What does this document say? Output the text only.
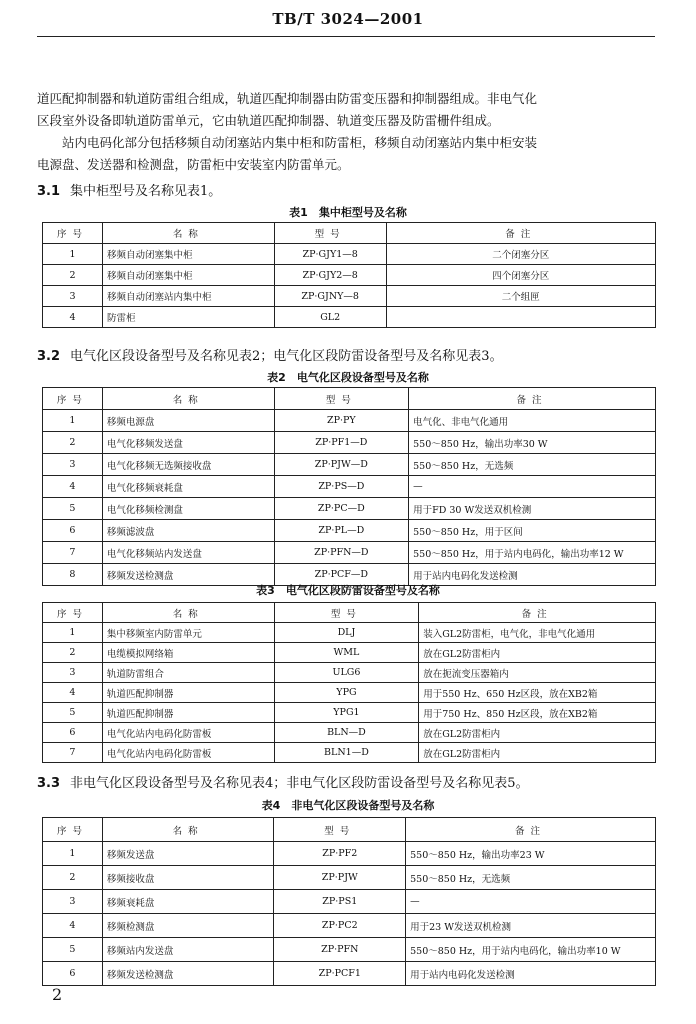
TB/T 3024—2001
道匹配抑制器和轨道防雷组合组成，轨道匹配抑制器由防雷变压器和抑制器组成。非电气化
区段室外设备即轨道防雷单元，它由轨道匹配抑制器、轨道变压器及防雷栅件组成。
站内电码化部分包括移频自动闭塞站内集中柜和防雷柜，移频自动闭塞站内集中柜安装
电源盘、发送器和检测盘，防雷柜中安装室内防雷单元。
3.1 集中柜型号及名称见表1。
表1　集中柜型号及名称
序号	名称	型号	备注
1	移频自动闭塞集中柜	ZP·GJY1—8	二个闭塞分区
2	移频自动闭塞集中柜	ZP·GJY2—8	四个闭塞分区
3	移频自动闭塞站内集中柜	ZP·GJNY—8	二个组匣
4	防雷柜	GL2	
3.2 电气化区段设备型号及名称见表2；电气化区段防雷设备型号及名称见表3。
表2　电气化区段设备型号及名称
序号	名称	型号	备注
1	移频电源盘	ZP·PY	电气化、非电气化通用
2	电气化移频发送盘	ZP·PF1—D	550～850 Hz，输出功率30 W
3	电气化移频无选频接收盘	ZP·PJW—D	550～850 Hz，无选频
4	电气化移频衰耗盘	ZP·PS—D	—
5	电气化移频检测盘	ZP·PC—D	用于FD 30 W发送双机检测
6	移频滤波盘	ZP·PL—D	550～850 Hz，用于区间
7	电气化移频站内发送盘	ZP·PFN—D	550～850 Hz，用于站内电码化，输出功率12 W
8	移频发送检测盘	ZP·PCF—D	用于站内电码化发送检测
表3　电气化区段防雷设备型号及名称
序号	名称	型号	备注
1	集中移频室内防雷单元	DLJ	装入GL2防雷柜，电气化，非电气化通用
2	电缆模拟网络箱	WML	放在GL2防雷柜内
3	轨道防雷组合	ULG6	放在扼流变压器箱内
4	轨道匹配抑制器	YPG	用于550 Hz、650 Hz区段，放在XB2箱
5	轨道匹配抑制器	YPG1	用于750 Hz、850 Hz区段，放在XB2箱
6	电气化站内电码化防雷板	BLN—D	放在GL2防雷柜内
7	电气化站内电码化防雷板	BLN1—D	放在GL2防雷柜内
3.3 非电气化区段设备型号及名称见表4；非电气化区段防雷设备型号及名称见表5。
表4　非电气化区段设备型号及名称
序号	名称	型号	备注
1	移频发送盘	ZP·PF2	550～850 Hz，输出功率23 W
2	移频接收盘	ZP·PJW	550～850 Hz，无选频
3	移频衰耗盘	ZP·PS1	—
4	移频检测盘	ZP·PC2	用于23 W发送双机检测
5	移频站内发送盘	ZP·PFN	550～850 Hz，用于站内电码化，输出功率10 W
6	移频发送检测盘	ZP·PCF1	用于站内电码化发送检测
2
